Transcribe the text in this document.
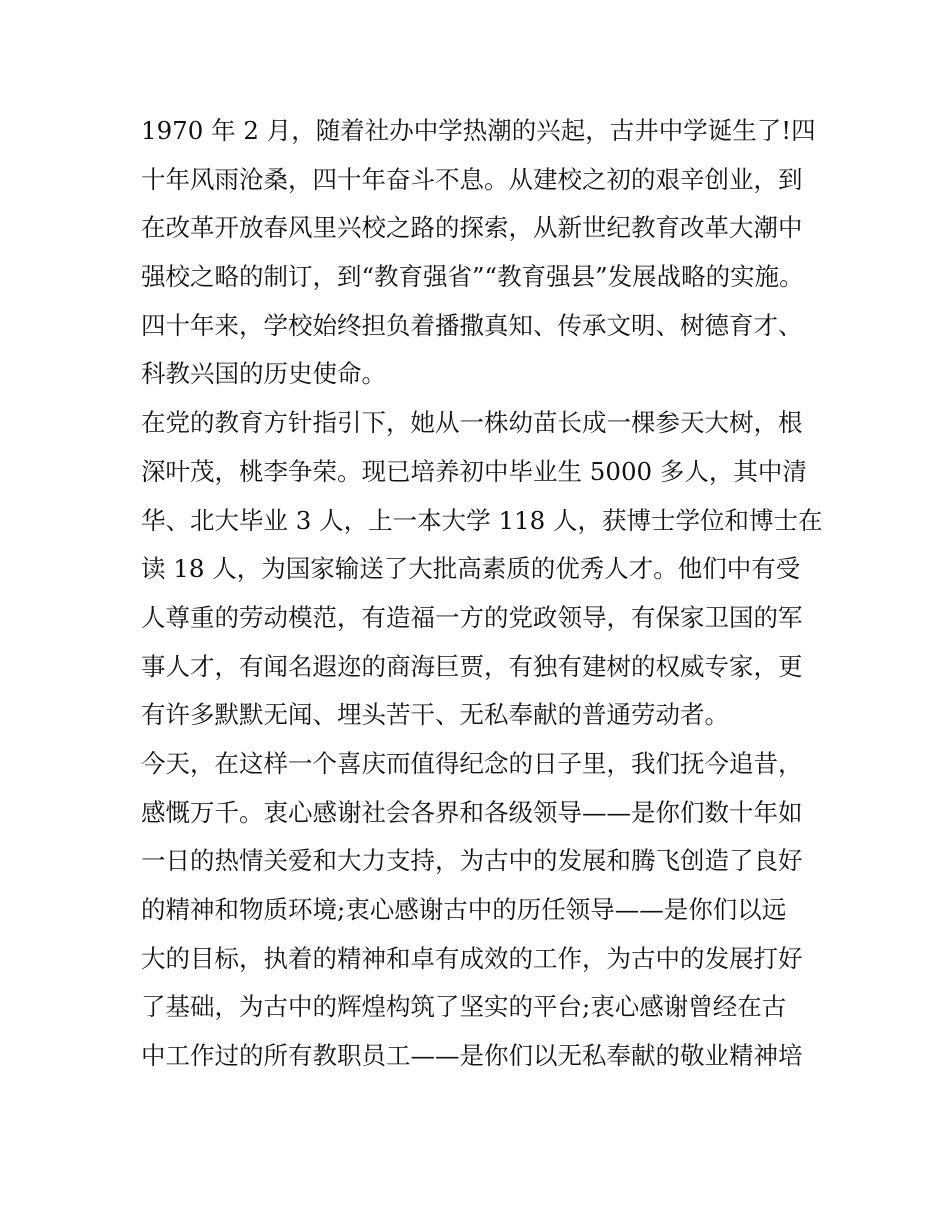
1970 年 2 月，随着社办中学热潮的兴起，古井中学诞生了!四
十年风雨沧桑，四十年奋斗不息。从建校之初的艰辛创业，到
在改革开放春风里兴校之路的探索，从新世纪教育改革大潮中
强校之略的制订，到“教育强省”“教育强县”发展战略的实施。
四十年来，学校始终担负着播撒真知、传承文明、树德育才、
科教兴国的历史使命。
在党的教育方针指引下，她从一株幼苗长成一棵参天大树，根
深叶茂，桃李争荣。现已培养初中毕业生 5000 多人，其中清
华、北大毕业 3 人，上一本大学 118 人，获博士学位和博士在
读 18 人，为国家输送了大批高素质的优秀人才。他们中有受
人尊重的劳动模范，有造福一方的党政领导，有保家卫国的军
事人才，有闻名遐迩的商海巨贾，有独有建树的权威专家，更
有许多默默无闻、埋头苦干、无私奉献的普通劳动者。
今天，在这样一个喜庆而值得纪念的日子里，我们抚今追昔，
感慨万千。衷心感谢社会各界和各级领导——是你们数十年如
一日的热情关爱和大力支持，为古中的发展和腾飞创造了良好
的精神和物质环境;衷心感谢古中的历任领导——是你们以远
大的目标，执着的精神和卓有成效的工作，为古中的发展打好
了基础，为古中的辉煌构筑了坚实的平台;衷心感谢曾经在古
中工作过的所有教职员工——是你们以无私奉献的敬业精神培
